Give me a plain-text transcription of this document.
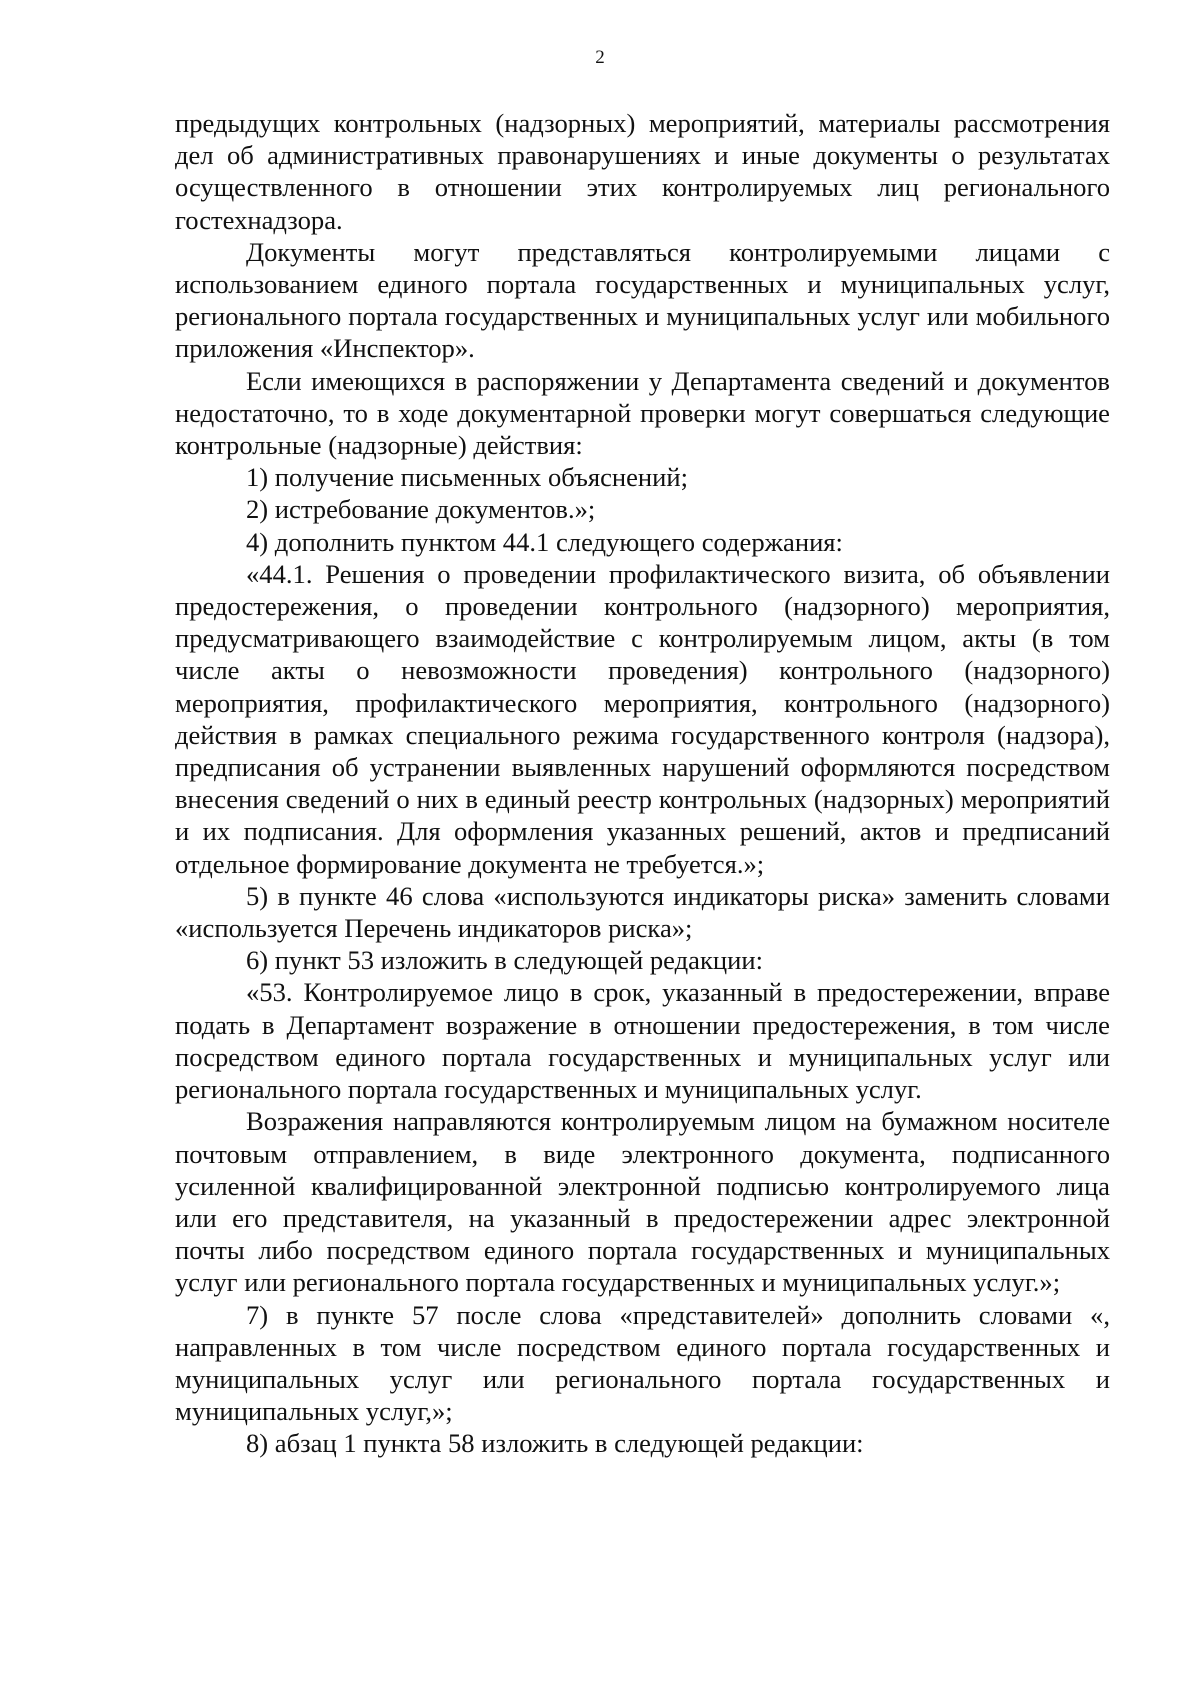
2

предыдущих контрольных (надзорных) мероприятий, материалы рассмотрения дел об административных правонарушениях и иные документы о результатах осуществленного в отношении этих контролируемых лиц регионального гостехнадзора.

Документы могут представляться контролируемыми лицами с использованием единого портала государственных и муниципальных услуг, регионального портала государственных и муниципальных услуг или мобильного приложения «Инспектор».

Если имеющихся в распоряжении у Департамента сведений и документов недостаточно, то в ходе документарной проверки могут совершаться следующие контрольные (надзорные) действия:

1) получение письменных объяснений;

2) истребование документов.»;

4) дополнить пунктом 44.1 следующего содержания:

«44.1. Решения о проведении профилактического визита, об объявлении предостережения, о проведении контрольного (надзорного) мероприятия, предусматривающего взаимодействие с контролируемым лицом, акты (в том числе акты о невозможности проведения) контрольного (надзорного) мероприятия, профилактического мероприятия, контрольного (надзорного) действия в рамках специального режима государственного контроля (надзора), предписания об устранении выявленных нарушений оформляются посредством внесения сведений о них в единый реестр контрольных (надзорных) мероприятий и их подписания. Для оформления указанных решений, актов и предписаний отдельное формирование документа не требуется.»;

5) в пункте 46 слова «используются индикаторы риска» заменить словами «используется Перечень индикаторов риска»;

6) пункт 53 изложить в следующей редакции:

«53. Контролируемое лицо в срок, указанный в предостережении, вправе подать в Департамент возражение в отношении предостережения, в том числе посредством единого портала государственных и муниципальных услуг или регионального портала государственных и муниципальных услуг.

Возражения направляются контролируемым лицом на бумажном носителе почтовым отправлением, в виде электронного документа, подписанного усиленной квалифицированной электронной подписью контролируемого лица или его представителя, на указанный в предостережении адрес электронной почты либо посредством единого портала государственных и муниципальных услуг или регионального портала государственных и муниципальных услуг.»;

7) в пункте 57 после слова «представителей» дополнить словами «, направленных в том числе посредством единого портала государственных и муниципальных услуг или регионального портала государственных и муниципальных услуг,»;

8) абзац 1 пункта 58 изложить в следующей редакции:
